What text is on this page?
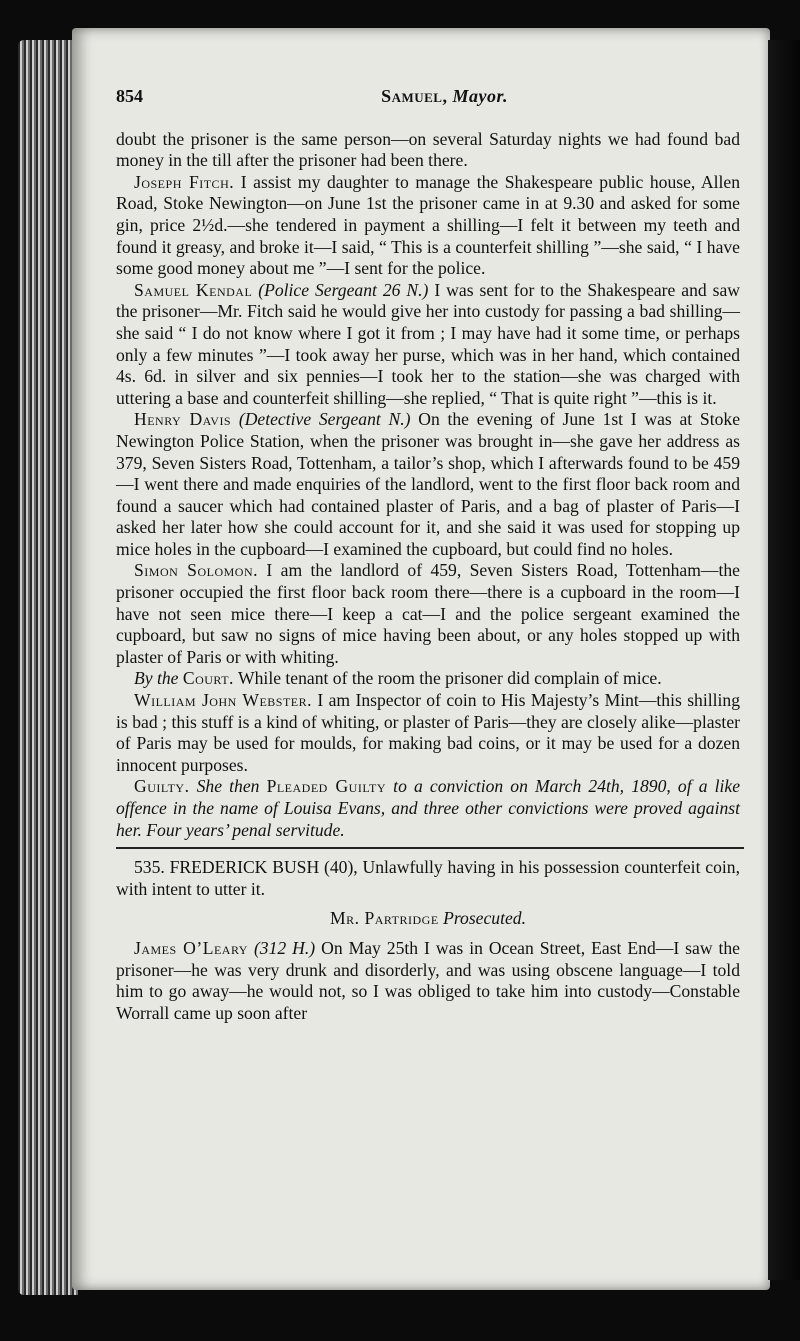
854	Samuel, Mayor.

doubt the prisoner is the same person—on several Saturday nights we had found bad money in the till after the prisoner had been there.

Joseph Fitch. I assist my daughter to manage the Shakespeare public house, Allen Road, Stoke Newington—on June 1st the prisoner came in at 9.30 and asked for some gin, price 2½d.—she tendered in payment a shilling—I felt it between my teeth and found it greasy, and broke it—I said, “ This is a counterfeit shilling ”—she said, “ I have some good money about me ”—I sent for the police.

Samuel Kendal (Police Sergeant 26 N.) I was sent for to the Shakespeare and saw the prisoner—Mr. Fitch said he would give her into custody for passing a bad shilling—she said “ I do not know where I got it from ; I may have had it some time, or perhaps only a few minutes ”—I took away her purse, which was in her hand, which contained 4s. 6d. in silver and six pennies—I took her to the station—she was charged with uttering a base and counterfeit shilling—she replied, “ That is quite right ”—this is it.

Henry Davis (Detective Sergeant N.) On the evening of June 1st I was at Stoke Newington Police Station, when the prisoner was brought in—she gave her address as 379, Seven Sisters Road, Tottenham, a tailor’s shop, which I afterwards found to be 459—I went there and made enquiries of the landlord, went to the first floor back room and found a saucer which had contained plaster of Paris, and a bag of plaster of Paris—I asked her later how she could account for it, and she said it was used for stopping up mice holes in the cupboard—I examined the cupboard, but could find no holes.

Simon Solomon. I am the landlord of 459, Seven Sisters Road, Tottenham—the prisoner occupied the first floor back room there—there is a cupboard in the room—I have not seen mice there—I keep a cat—I and the police sergeant examined the cupboard, but saw no signs of mice having been about, or any holes stopped up with plaster of Paris or with whiting.

By the Court. While tenant of the room the prisoner did complain of mice.

William John Webster. I am Inspector of coin to His Majesty’s Mint—this shilling is bad ; this stuff is a kind of whiting, or plaster of Paris—they are closely alike—plaster of Paris may be used for moulds, for making bad coins, or it may be used for a dozen innocent purposes.

Guilty. She then Pleaded Guilty to a conviction on March 24th, 1890, of a like offence in the name of Louisa Evans, and three other convictions were proved against her. Four years’ penal servitude.

535. FREDERICK BUSH (40), Unlawfully having in his possession counterfeit coin, with intent to utter it.

Mr. Partridge Prosecuted.

James O’Leary (312 H.) On May 25th I was in Ocean Street, East End—I saw the prisoner—he was very drunk and disorderly, and was using obscene language—I told him to go away—he would not, so I was obliged to take him into custody—Constable Worrall came up soon after
